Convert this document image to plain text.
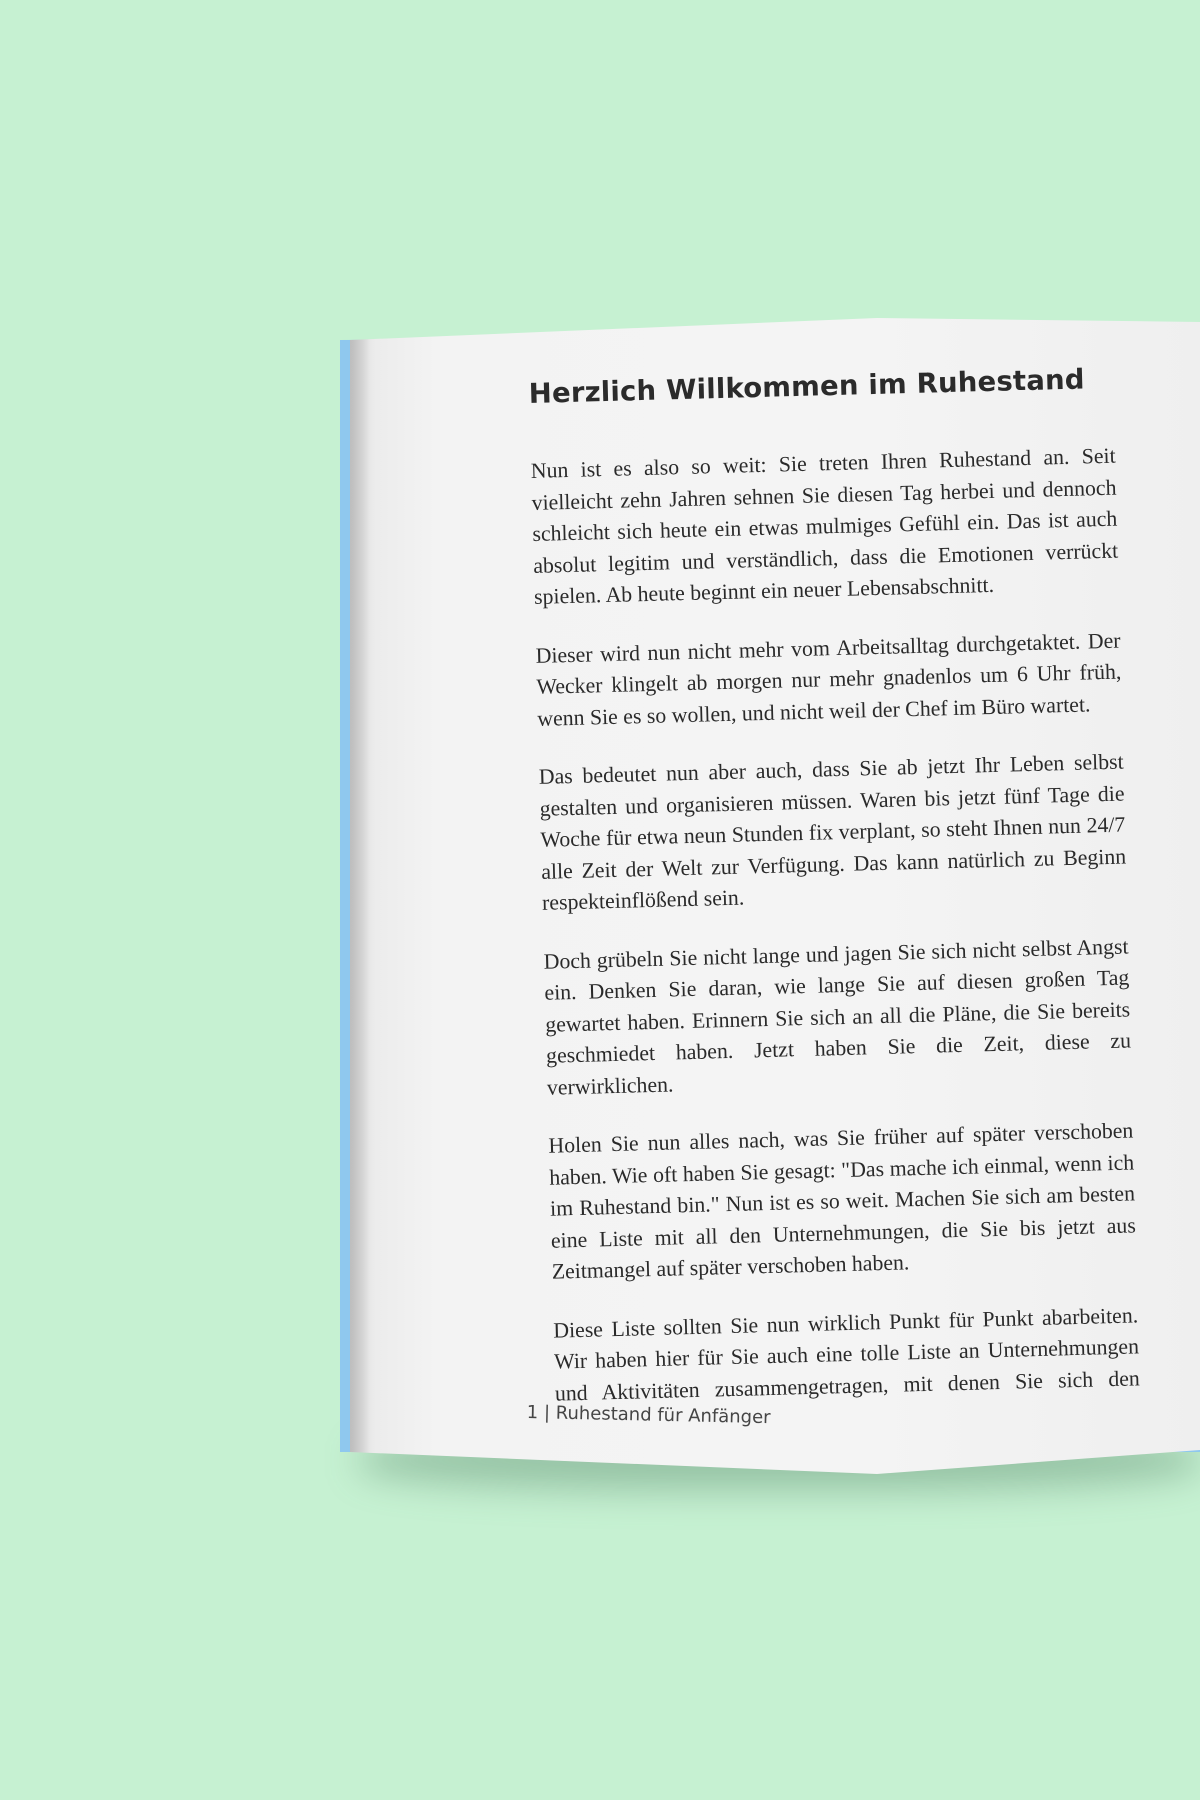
Herzlich Willkommen im Ruhestand

Nun ist es also so weit: Sie treten Ihren Ruhestand an. Seit vielleicht zehn Jahren sehnen Sie diesen Tag herbei und dennoch schleicht sich heute ein etwas mulmiges Gefühl ein. Das ist auch absolut legitim und verständlich, dass die Emotionen verrückt spielen. Ab heute beginnt ein neuer Lebensabschnitt.

Dieser wird nun nicht mehr vom Arbeitsalltag durchgetaktet. Der Wecker klingelt ab morgen nur mehr gnadenlos um 6 Uhr früh, wenn Sie es so wollen, und nicht weil der Chef im Büro wartet.

Das bedeutet nun aber auch, dass Sie ab jetzt Ihr Leben selbst gestalten und organisieren müssen. Waren bis jetzt fünf Tage die Woche für etwa neun Stunden fix verplant, so steht Ihnen nun 24/7 alle Zeit der Welt zur Verfügung. Das kann natürlich zu Beginn respekteinflößend sein.

Doch grübeln Sie nicht lange und jagen Sie sich nicht selbst Angst ein. Denken Sie daran, wie lange Sie auf diesen großen Tag gewartet haben. Erinnern Sie sich an all die Pläne, die Sie bereits geschmiedet haben. Jetzt haben Sie die Zeit, diese zu verwirklichen.

Holen Sie nun alles nach, was Sie früher auf später verschoben haben. Wie oft haben Sie gesagt: "Das mache ich einmal, wenn ich im Ruhestand bin." Nun ist es so weit. Machen Sie sich am besten eine Liste mit all den Unternehmungen, die Sie bis jetzt aus Zeitmangel auf später verschoben haben.

Diese Liste sollten Sie nun wirklich Punkt für Punkt abarbeiten. Wir haben hier für Sie auch eine tolle Liste an Unternehmungen und Aktivitäten zusammengetragen, mit denen Sie sich den

1 | Ruhestand für Anfänger
